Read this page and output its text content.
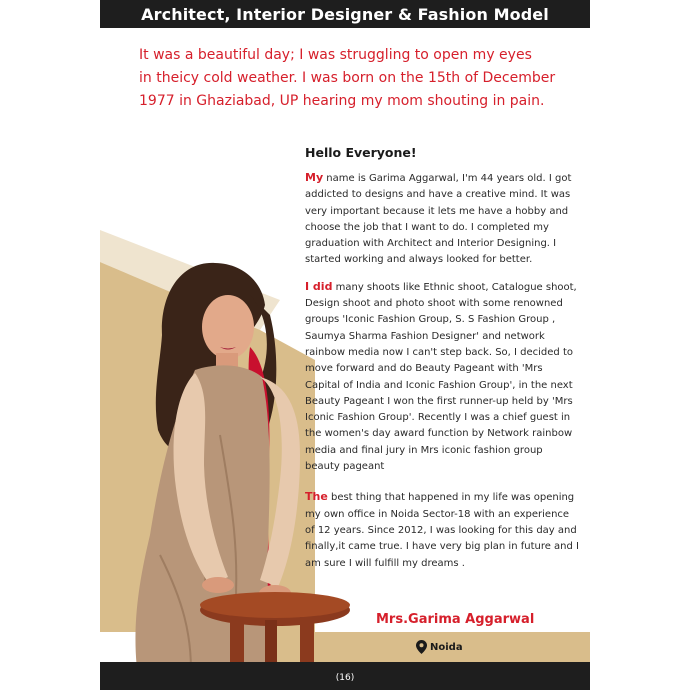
Architect, Interior Designer & Fashion Model
It was a beautiful day; I was struggling to open my eyes
in theicy cold weather. I was born on the 15th of December
1977 in Ghaziabad, UP hearing my mom shouting in pain.
Hello Everyone!

My name is Garima Aggarwal, I'm 44 years old. I got addicted to designs and have a creative mind. It was very important because it lets me have a hobby and choose the job that I want to do. I completed my graduation with Architect and Interior Designing. I started working and always looked for better.

I did many shoots like Ethnic shoot, Catalogue shoot, Design shoot and photo shoot with some renowned groups 'Iconic Fashion Group, S. S Fashion Group , Saumya Sharma Fashion Designer' and network rainbow media now I can't step back. So, I decided to move forward and do Beauty Pageant with 'Mrs Capital of India and Iconic Fashion Group', in the next Beauty Pageant I won the first runner-up held by 'Mrs Iconic Fashion Group'. Recently I was a chief guest in the women's day award function by Network rainbow media and final jury in Mrs iconic fashion group beauty pageant

The best thing that happened in my life was opening my own office in Noida Sector-18 with an experience of 12 years. Since 2012, I was looking for this day and finally,it came true. I have very big plan in future and I am sure I will fulfill my dreams .

Mrs.Garima Aggarwal
Noida
(16)
